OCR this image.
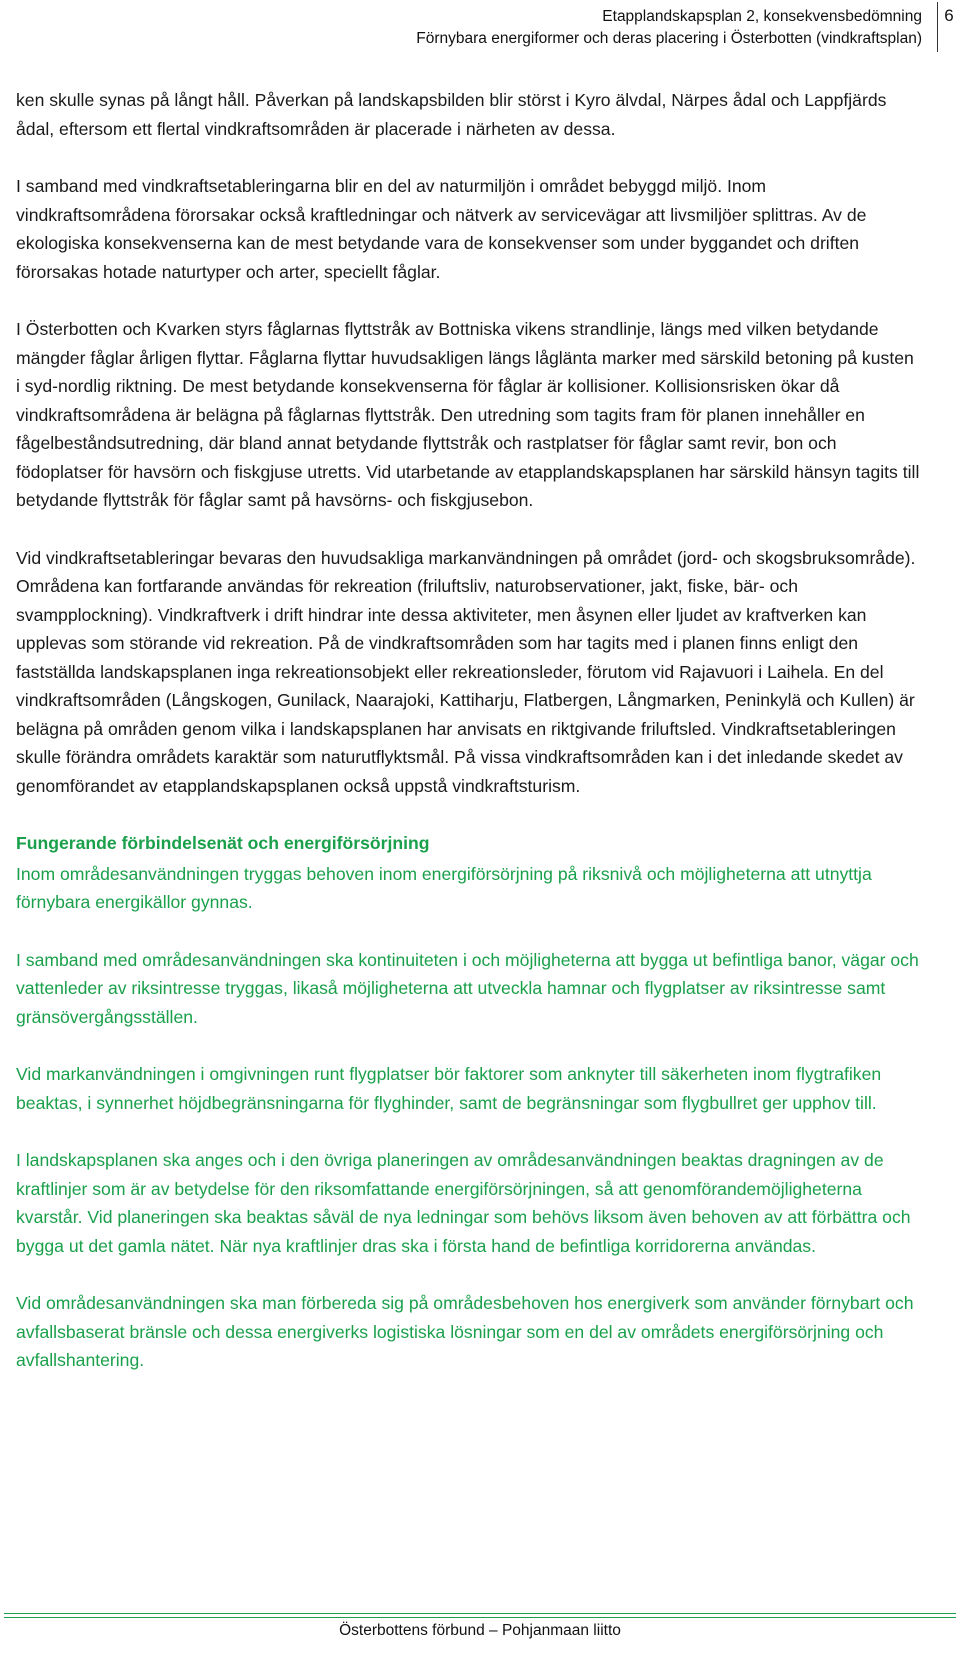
Etapplandskapsplan 2, konsekvensbedömning
Förnybara energiformer och deras placering i Österbotten (vindkraftsplan)
6

ken skulle synas på långt håll. Påverkan på landskapsbilden blir störst i Kyro älvdal, Närpes ådal och Lappfjärds ådal, eftersom ett flertal vindkraftsområden är placerade i närheten av dessa.

I samband med vindkraftsetableringarna blir en del av naturmiljön i området bebyggd miljö. Inom vindkraftsområdena förorsakar också kraftledningar och nätverk av servicevägar att livsmiljöer splittras. Av de ekologiska konsekvenserna kan de mest betydande vara de konsekvenser som under byggandet och driften förorsakas hotade naturtyper och arter, speciellt fåglar.

I Österbotten och Kvarken styrs fåglarnas flyttstråk av Bottniska vikens strandlinje, längs med vilken betydande mängder fåglar årligen flyttar. Fåglarna flyttar huvudsakligen längs låglänta marker med särskild betoning på kusten i syd-nordlig riktning. De mest betydande konsekvenserna för fåglar är kollisioner. Kollisionsrisken ökar då vindkraftsområdena är belägna på fåglarnas flyttstråk. Den utredning som tagits fram för planen innehåller en fågelbeståndsutredning, där bland annat betydande flyttstråk och rastplatser för fåglar samt revir, bon och födoplatser för havsörn och fiskgjuse utretts. Vid utarbetande av etapplandskapsplanen har särskild hänsyn tagits till betydande flyttstråk för fåglar samt på havsörns- och fiskgjusebon.

Vid vindkraftsetableringar bevaras den huvudsakliga markanvändningen på området (jord- och skogsbruksområde). Områdena kan fortfarande användas för rekreation (friluftsliv, naturobservationer, jakt, fiske, bär- och svampplockning). Vindkraftverk i drift hindrar inte dessa aktiviteter, men åsynen eller ljudet av kraftverken kan upplevas som störande vid rekreation. På de vindkraftsområden som har tagits med i planen finns enligt den fastställda landskapsplanen inga rekreationsobjekt eller rekreationsleder, förutom vid Rajavuori i Laihela. En del vindkraftsområden (Långskogen, Gunilack, Naarajoki, Kattiharju, Flatbergen, Långmarken, Peninkylä och Kullen) är belägna på områden genom vilka i landskapsplanen har anvisats en riktgivande friluftsled. Vindkraftsetableringen skulle förändra områdets karaktär som naturutflyktsmål. På vissa vindkraftsområden kan i det inledande skedet av genomförandet av etapplandskapsplanen också uppstå vindkraftsturism.

Fungerande förbindelsenät och energiförsörjning

Inom områdesanvändningen tryggas behoven inom energiförsörjning på riksnivå och möjligheterna att utnyttja förnybara energikällor gynnas.

I samband med områdesanvändningen ska kontinuiteten i och möjligheterna att bygga ut befintliga banor, vägar och vattenleder av riksintresse tryggas, likaså möjligheterna att utveckla hamnar och flygplatser av riksintresse samt gränsövergångsställen.

Vid markanvändningen i omgivningen runt flygplatser bör faktorer som anknyter till säkerheten inom flygtrafiken beaktas, i synnerhet höjdbegränsningarna för flyghinder, samt de begränsningar som flygbullret ger upphov till.

I landskapsplanen ska anges och i den övriga planeringen av områdesanvändningen beaktas dragningen av de kraftlinjer som är av betydelse för den riksomfattande energiförsörjningen, så att genomförandemöjligheterna kvarstår. Vid planeringen ska beaktas såväl de nya ledningar som behövs liksom även behoven av att förbättra och bygga ut det gamla nätet. När nya kraftlinjer dras ska i första hand de befintliga korridorerna användas.

Vid områdesanvändningen ska man förbereda sig på områdesbehoven hos energiverk som använder förnybart och avfallsbaserat bränsle och dessa energiverks logistiska lösningar som en del av områdets energiförsörjning och avfallshantering.

Österbottens förbund – Pohjanmaan liitto
